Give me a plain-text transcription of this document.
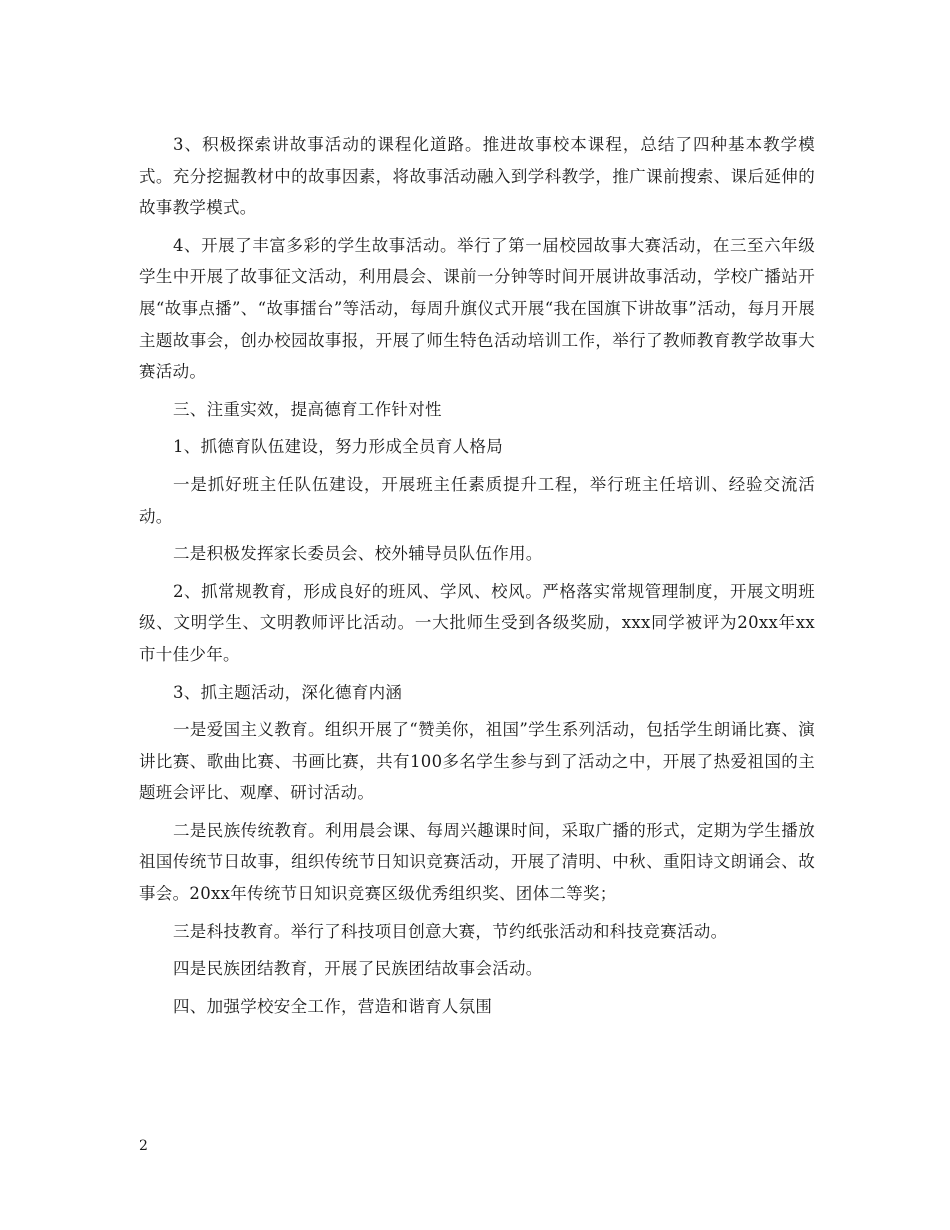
3、积极探索讲故事活动的课程化道路。推进故事校本课程，总结了四种基本教学模式。充分挖掘教材中的故事因素，将故事活动融入到学科教学，推广课前搜索、课后延伸的故事教学模式。

4、开展了丰富多彩的学生故事活动。举行了第一届校园故事大赛活动，在三至六年级学生中开展了故事征文活动，利用晨会、课前一分钟等时间开展讲故事活动，学校广播站开展“故事点播”、“故事擂台”等活动，每周升旗仪式开展“我在国旗下讲故事”活动，每月开展主题故事会，创办校园故事报，开展了师生特色活动培训工作，举行了教师教育教学故事大赛活动。

三、注重实效，提高德育工作针对性

1、抓德育队伍建设，努力形成全员育人格局

一是抓好班主任队伍建设，开展班主任素质提升工程，举行班主任培训、经验交流活动。

二是积极发挥家长委员会、校外辅导员队伍作用。

2、抓常规教育，形成良好的班风、学风、校风。严格落实常规管理制度，开展文明班级、文明学生、文明教师评比活动。一大批师生受到各级奖励，xxx同学被评为20xx年xx市十佳少年。

3、抓主题活动，深化德育内涵

一是爱国主义教育。组织开展了“赞美你，祖国”学生系列活动，包括学生朗诵比赛、演讲比赛、歌曲比赛、书画比赛，共有100多名学生参与到了活动之中，开展了热爱祖国的主题班会评比、观摩、研讨活动。

二是民族传统教育。利用晨会课、每周兴趣课时间，采取广播的形式，定期为学生播放祖国传统节日故事，组织传统节日知识竞赛活动，开展了清明、中秋、重阳诗文朗诵会、故事会。20xx年传统节日知识竞赛区级优秀组织奖、团体二等奖；

三是科技教育。举行了科技项目创意大赛，节约纸张活动和科技竞赛活动。

四是民族团结教育，开展了民族团结故事会活动。

四、加强学校安全工作，营造和谐育人氛围

2
